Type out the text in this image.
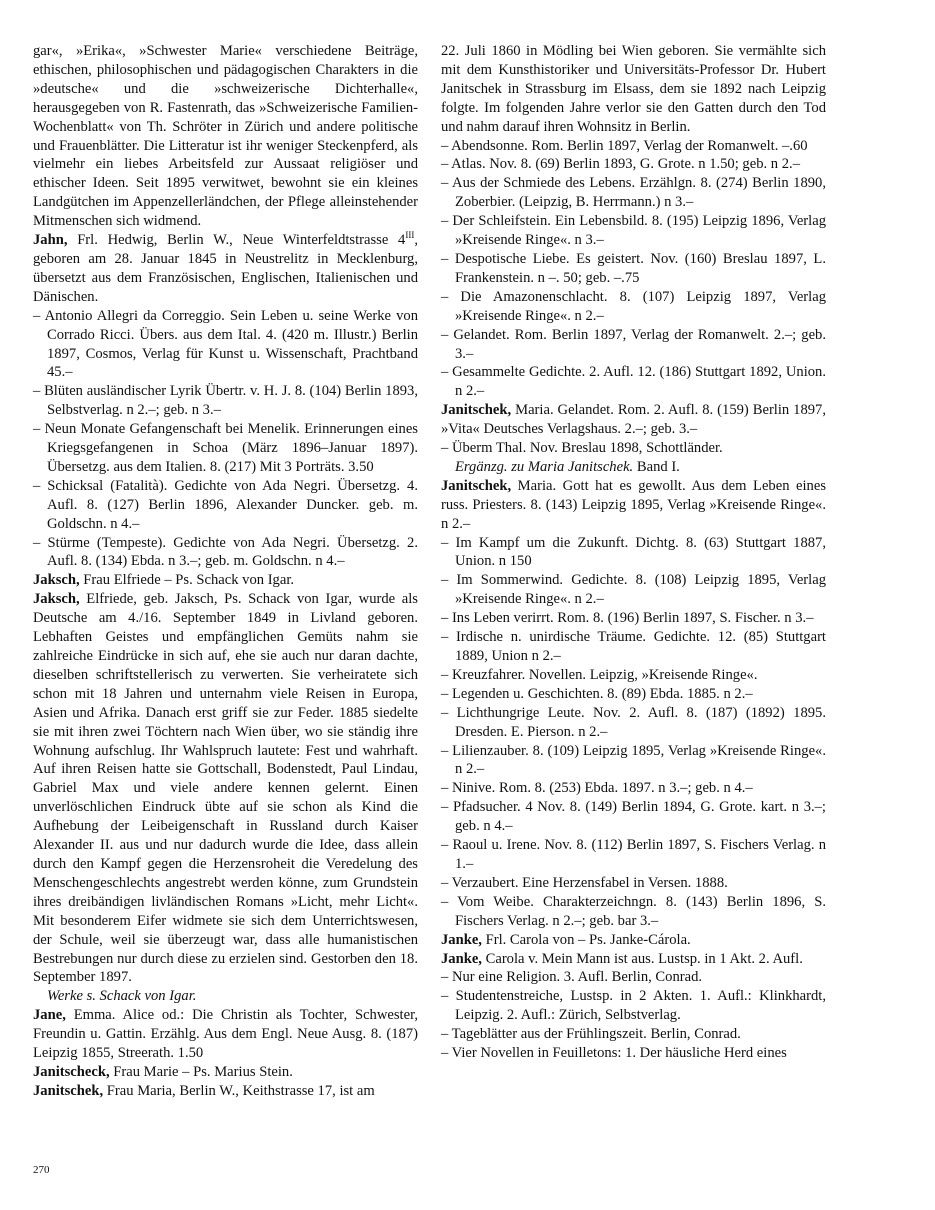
gar«, »Erika«, »Schwester Marie« verschiedene Beiträge, ethischen, philosophischen und pädagogischen Charakters in die »deutsche« und die »schweizerische Dichterhalle«, herausgegeben von R. Fastenrath, das »Schweizerische Familien-Wochenblatt« von Th. Schröter in Zürich und andere politische und Frauenblätter. Die Litteratur ist ihr weniger Steckenpferd, als vielmehr ein liebes Arbeitsfeld zur Aussaat religiöser und ethischer Ideen. Seit 1895 verwitwet, bewohnt sie ein kleines Landgütchen im Appenzellerländchen, der Pflege alleinstehender Mitmenschen sich widmend.

Jahn, Frl. Hedwig, Berlin W., Neue Winterfeldtstrasse $4^{III}$, geboren am 28. Januar 1845 in Neustrelitz in Mecklenburg, übersetzt aus dem Französischen, Englischen, Italienischen und Dänischen.

– Antonio Allegri da Correggio. Sein Leben u. seine Werke von Corrado Ricci. Übers. aus dem Ital. 4. (420 m. Illustr.) Berlin 1897, Cosmos, Verlag für Kunst u. Wissenschaft, Prachtband 45.–

– Blüten ausländischer Lyrik Übertr. v. H. J. 8. (104) Berlin 1893, Selbstverlag. n 2.–; geb. n 3.–

– Neun Monate Gefangenschaft bei Menelik. Erinnerungen eines Kriegsgefangenen in Schoa (März 1896–Januar 1897). Übersetzg. aus dem Italien. 8. (217) Mit 3 Porträts. 3.50

– Schicksal (Fatalità). Gedichte von Ada Negri. Übersetzg. 4. Aufl. 8. (127) Berlin 1896, Alexander Duncker. geb. m. Goldschn. n 4.–

– Stürme (Tempeste). Gedichte von Ada Negri. Übersetzg. 2. Aufl. 8. (134) Ebda. n 3.–; geb. m. Goldschn. n 4.–

Jaksch, Frau Elfriede – Ps. Schack von Igar.

Jaksch, Elfriede, geb. Jaksch, Ps. Schack von Igar, wurde als Deutsche am 4./16. September 1849 in Livland geboren. Lebhaften Geistes und empfänglichen Gemüts nahm sie zahlreiche Eindrücke in sich auf, ehe sie auch nur daran dachte, dieselben schriftstellerisch zu verwerten. Sie verheiratete sich schon mit 18 Jahren und unternahm viele Reisen in Europa, Asien und Afrika. Danach erst griff sie zur Feder. 1885 siedelte sie mit ihren zwei Töchtern nach Wien über, wo sie ständig ihre Wohnung aufschlug. Ihr Wahlspruch lautete: Fest und wahrhaft. Auf ihren Reisen hatte sie Gottschall, Bodenstedt, Paul Lindau, Gabriel Max und viele andere kennen gelernt. Einen unverlöschlichen Eindruck übte auf sie schon als Kind die Aufhebung der Leibeigenschaft in Russland durch Kaiser Alexander II. aus und nur dadurch wurde die Idee, dass allein durch den Kampf gegen die Herzensroheit die Veredelung des Menschengeschlechts angestrebt werden könne, zum Grundstein ihres dreibändigen livländischen Romans »Licht, mehr Licht«. Mit besonderem Eifer widmete sie sich dem Unterrichtswesen, der Schule, weil sie überzeugt war, dass alle humanistischen Bestrebungen nur durch diese zu erzielen sind. Gestorben den 18. September 1897.

Werke s. Schack von Igar.

Jane, Emma. Alice od.: Die Christin als Tochter, Schwester, Freundin u. Gattin. Erzählg. Aus dem Engl. Neue Ausg. 8. (187) Leipzig 1855, Streerath. 1.50

Janitscheck, Frau Marie – Ps. Marius Stein.

Janitschek, Frau Maria, Berlin W., Keithstrasse 17, ist am

22. Juli 1860 in Mödling bei Wien geboren. Sie vermählte sich mit dem Kunsthistoriker und Universitäts-Professor Dr. Hubert Janitschek in Strassburg im Elsass, dem sie 1892 nach Leipzig folgte. Im folgenden Jahre verlor sie den Gatten durch den Tod und nahm darauf ihren Wohnsitz in Berlin.

– Abendsonne. Rom. Berlin 1897, Verlag der Romanwelt. –.60

– Atlas. Nov. 8. (69) Berlin 1893, G. Grote. n 1.50; geb. n 2.–

– Aus der Schmiede des Lebens. Erzählgn. 8. (274) Berlin 1890, Zoberbier. (Leipzig, B. Herrmann.) n 3.–

– Der Schleifstein. Ein Lebensbild. 8. (195) Leipzig 1896, Verlag »Kreisende Ringe«. n 3.–

– Despotische Liebe. Es geistert. Nov. (160) Breslau 1897, L. Frankenstein. n –. 50; geb. –.75

– Die Amazonenschlacht. 8. (107) Leipzig 1897, Verlag »Kreisende Ringe«. n 2.–

– Gelandet. Rom. Berlin 1897, Verlag der Romanwelt. 2.–; geb. 3.–

– Gesammelte Gedichte. 2. Aufl. 12. (186) Stuttgart 1892, Union. n 2.–

Janitschek, Maria. Gelandet. Rom. 2. Aufl. 8. (159) Berlin 1897, »Vita« Deutsches Verlagshaus. 2.–; geb. 3.–

– Überm Thal. Nov. Breslau 1898, Schottländer.

Ergänzg. zu Maria Janitschek. Band I.

Janitschek, Maria. Gott hat es gewollt. Aus dem Leben eines russ. Priesters. 8. (143) Leipzig 1895, Verlag »Kreisende Ringe«. n 2.–

– Im Kampf um die Zukunft. Dichtg. 8. (63) Stuttgart 1887, Union. n 150

– Im Sommerwind. Gedichte. 8. (108) Leipzig 1895, Verlag »Kreisende Ringe«. n 2.–

– Ins Leben verirrt. Rom. 8. (196) Berlin 1897, S. Fischer. n 3.–

– Irdische n. unirdische Träume. Gedichte. 12. (85) Stuttgart 1889, Union n 2.–

– Kreuzfahrer. Novellen. Leipzig, »Kreisende Ringe«.

– Legenden u. Geschichten. 8. (89) Ebda. 1885. n 2.–

– Lichthungrige Leute. Nov. 2. Aufl. 8. (187) (1892) 1895. Dresden. E. Pierson. n 2.–

– Lilienzauber. 8. (109) Leipzig 1895, Verlag »Kreisende Ringe«. n 2.–

– Ninive. Rom. 8. (253) Ebda. 1897. n 3.–; geb. n 4.–

– Pfadsucher. 4 Nov. 8. (149) Berlin 1894, G. Grote. kart. n 3.–; geb. n 4.–

– Raoul u. Irene. Nov. 8. (112) Berlin 1897, S. Fischers Verlag. n 1.–

– Verzaubert. Eine Herzensfabel in Versen. 1888.

– Vom Weibe. Charakterzeichngn. 8. (143) Berlin 1896, S. Fischers Verlag. n 2.–; geb. bar 3.–

Janke, Frl. Carola von – Ps. Janke-Cárola.

Janke, Carola v. Mein Mann ist aus. Lustsp. in 1 Akt. 2. Aufl.

– Nur eine Religion. 3. Aufl. Berlin, Conrad.

– Studentenstreiche, Lustsp. in 2 Akten. 1. Aufl.: Klinkhardt, Leipzig. 2. Aufl.: Zürich, Selbstverlag.

– Tageblätter aus der Frühlingszeit. Berlin, Conrad.

– Vier Novellen in Feuilletons: 1. Der häusliche Herd eines

270
